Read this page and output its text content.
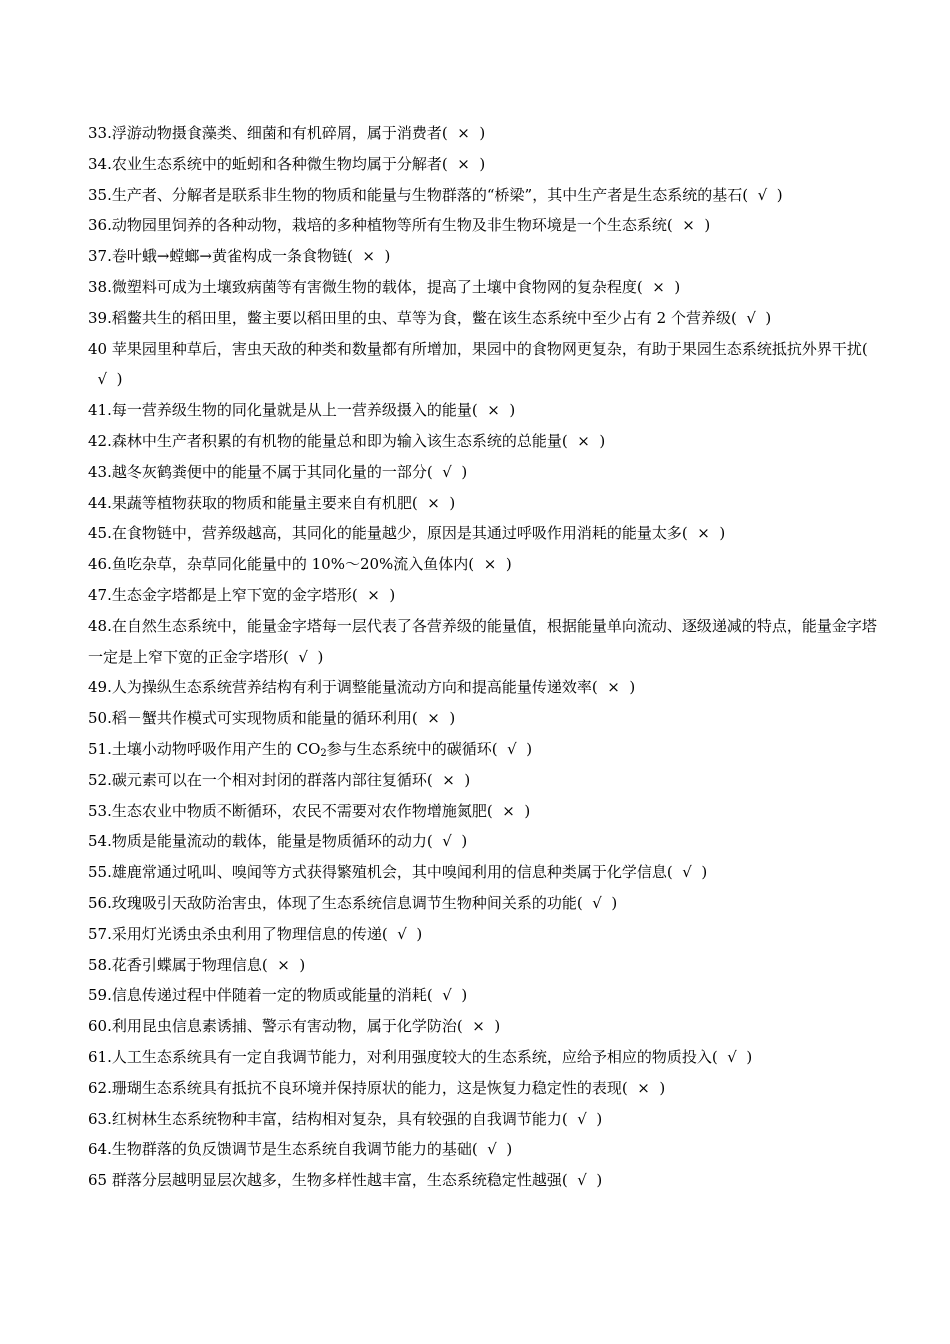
33.浮游动物摄食藻类、细菌和有机碎屑，属于消费者(  ×  )
34.农业生态系统中的蚯蚓和各种微生物均属于分解者(  ×  )
35.生产者、分解者是联系非生物的物质和能量与生物群落的“桥梁”，其中生产者是生态系统的基石(  √  )
36.动物园里饲养的各种动物，栽培的多种植物等所有生物及非生物环境是一个生态系统(  ×  )
37.卷叶蛾→螳螂→黄雀构成一条食物链(  ×  )
38.微塑料可成为土壤致病菌等有害微生物的载体，提高了土壤中食物网的复杂程度(  ×  )
39.稻鳖共生的稻田里，鳖主要以稻田里的虫、草等为食，鳖在该生态系统中至少占有 2 个营养级(  √  )
40 苹果园里种草后，害虫天敌的种类和数量都有所增加，果园中的食物网更复杂，有助于果园生态系统抵抗外界干扰(  √  )
41.每一营养级生物的同化量就是从上一营养级摄入的能量(  ×  )
42.森林中生产者积累的有机物的能量总和即为输入该生态系统的总能量(  ×  )
43.越冬灰鹤粪便中的能量不属于其同化量的一部分(  √  )
44.果蔬等植物获取的物质和能量主要来自有机肥(  ×  )
45.在食物链中，营养级越高，其同化的能量越少，原因是其通过呼吸作用消耗的能量太多(  ×  )
46.鱼吃杂草，杂草同化能量中的 10%～20%流入鱼体内(  ×  )
47.生态金字塔都是上窄下宽的金字塔形(  ×  )
48.在自然生态系统中，能量金字塔每一层代表了各营养级的能量值，根据能量单向流动、逐级递减的特点，能量金字塔一定是上窄下宽的正金字塔形(  √  )
49.人为操纵生态系统营养结构有利于调整能量流动方向和提高能量传递效率(  ×  )
50.稻－蟹共作模式可实现物质和能量的循环利用(  ×  )
51.土壤小动物呼吸作用产生的 $CO_2$参与生态系统中的碳循环(  √  )
52.碳元素可以在一个相对封闭的群落内部往复循环(  ×  )
53.生态农业中物质不断循环，农民不需要对农作物增施氮肥(  ×  )
54.物质是能量流动的载体，能量是物质循环的动力(  √  )
55.雄鹿常通过吼叫、嗅闻等方式获得繁殖机会，其中嗅闻利用的信息种类属于化学信息(  √  )
56.玫瑰吸引天敌防治害虫，体现了生态系统信息调节生物种间关系的功能(  √  )
57.采用灯光诱虫杀虫利用了物理信息的传递(  √  )
58.花香引蝶属于物理信息(  ×  )
59.信息传递过程中伴随着一定的物质或能量的消耗(  √  )
60.利用昆虫信息素诱捕、警示有害动物，属于化学防治(  ×  )
61.人工生态系统具有一定自我调节能力，对利用强度较大的生态系统，应给予相应的物质投入(  √  )
62.珊瑚生态系统具有抵抗不良环境并保持原状的能力，这是恢复力稳定性的表现(  ×  )
63.红树林生态系统物种丰富，结构相对复杂，具有较强的自我调节能力(  √  )
64.生物群落的负反馈调节是生态系统自我调节能力的基础(  √  )
65 群落分层越明显层次越多，生物多样性越丰富，生态系统稳定性越强(  √  )
